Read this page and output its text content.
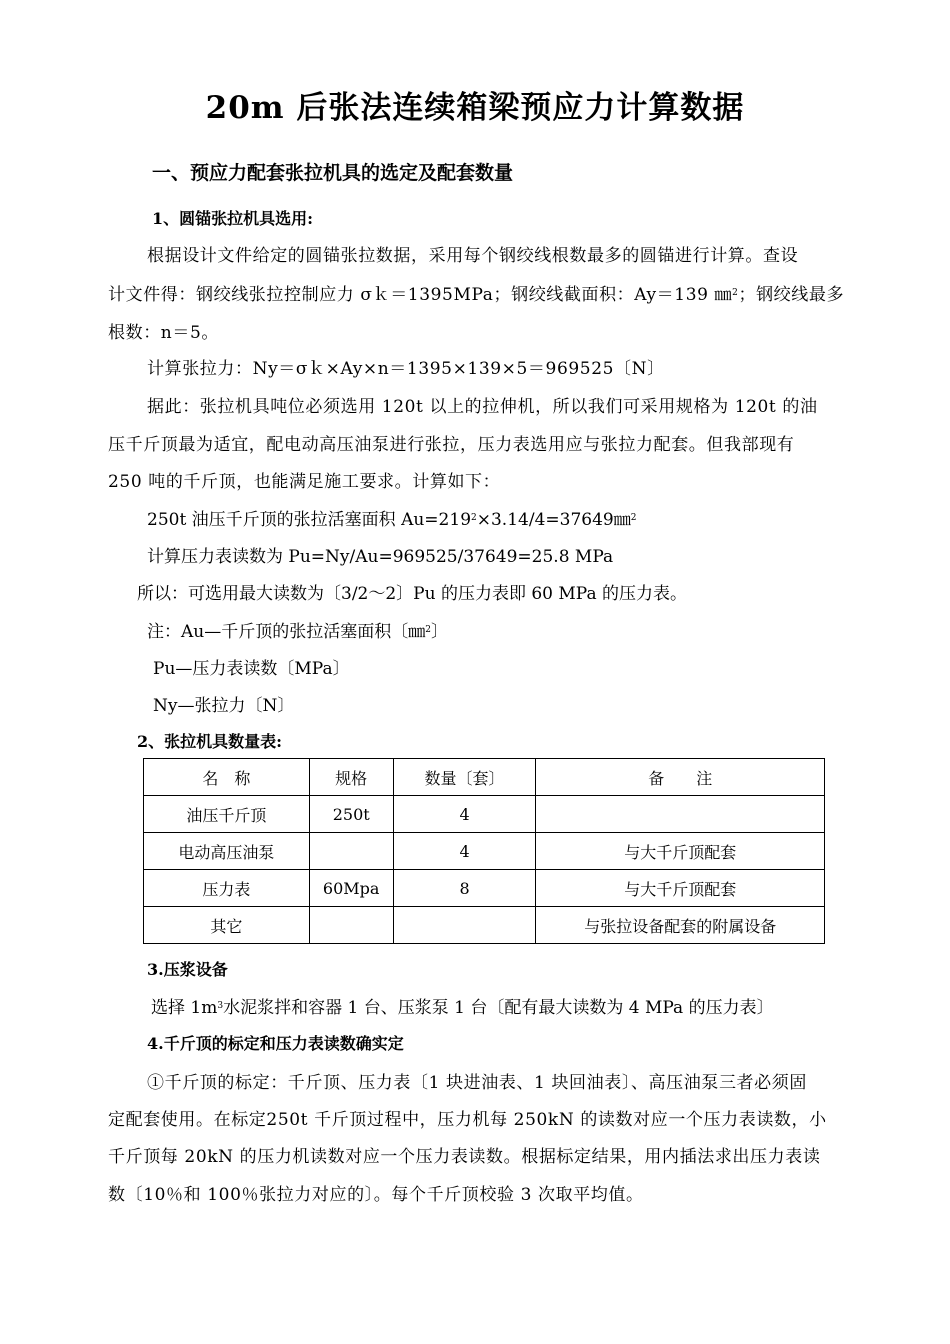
20m 后张法连续箱梁预应力计算数据
一、预应力配套张拉机具的选定及配套数量
1、圆锚张拉机具选用:
根据设计文件给定的圆锚张拉数据，采用每个钢绞线根数最多的圆锚进行计算。查设
计文件得：钢绞线张拉控制应力 σｋ＝1395MPa；钢绞线截面积：Ay＝139 ㎜$^2$；钢绞线最多
根数：n＝5。
计算张拉力：Ny＝σｋ×Ay×n＝1395×139×5＝969525〔N〕
据此：张拉机具吨位必须选用 120t 以上的拉伸机，所以我们可采用规格为 120t 的油
压千斤顶最为适宜，配电动高压油泵进行张拉，压力表选用应与张拉力配套。但我部现有
250 吨的千斤顶，也能满足施工要求。计算如下：
250t 油压千斤顶的张拉活塞面积 $Au=219^2\times 3.14/4=37649㎜^2$
计算压力表读数为 Pu=Ny/Au=969525/37649=25.8 MPa
所以：可选用最大读数为〔3/2～2〕Pu 的压力表即 60 MPa 的压力表。
注：Au—千斤顶的张拉活塞面积〔㎜$^2$〕
Pu—压力表读数〔MPa〕
Ny—张拉力〔N〕
2、张拉机具数量表:
名　称	规格	数量〔套〕	备　　注
油压千斤顶	250t	4	
电动高压油泵		4	与大千斤顶配套
压力表	60Mpa	8	与大千斤顶配套
其它			与张拉设备配套的附属设备
3.压浆设备
选择 $1m^3$水泥浆拌和容器 1 台、压浆泵 1 台〔配有最大读数为 4 MPa 的压力表〕
4.千斤顶的标定和压力表读数确实定
①千斤顶的标定：千斤顶、压力表〔1 块进油表、1 块回油表〕、高压油泵三者必须固
定配套使用。在标定250t 千斤顶过程中，压力机每 250kN 的读数对应一个压力表读数，小
千斤顶每 20kN 的压力机读数对应一个压力表读数。根据标定结果，用内插法求出压力表读
数〔10％和 100％张拉力对应的〕。每个千斤顶校验 3 次取平均值。
